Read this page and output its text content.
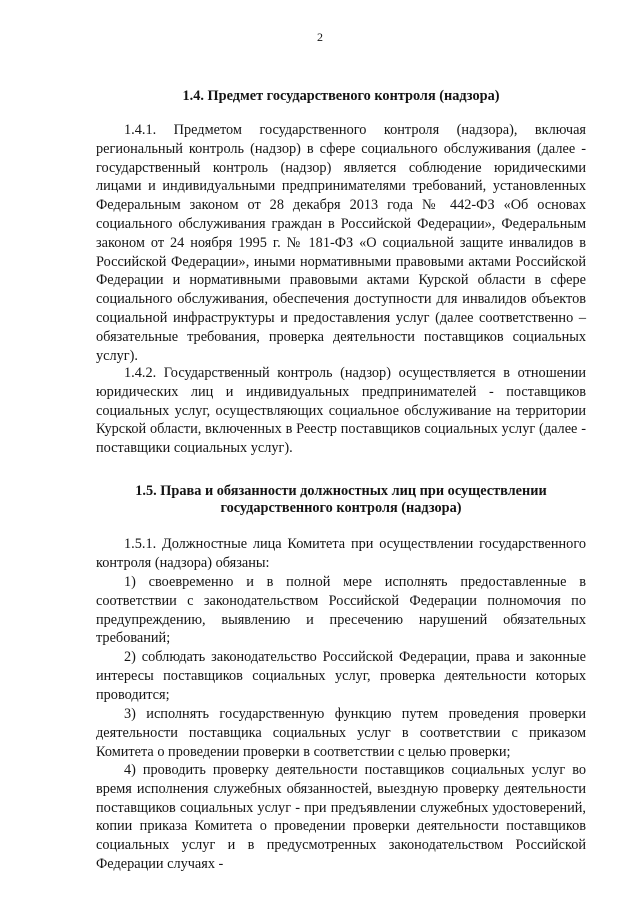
2
1.4. Предмет государственого контроля (надзора)

1.4.1. Предметом государственного контроля (надзора), включая региональный контроль (надзор) в сфере социального обслуживания (далее - государственный контроль (надзор) является соблюдение юридическими лицами и индивидуальными предпринимателями требований, установленных Федеральным законом от 28 декабря 2013 года № 442-ФЗ «Об основах социального обслуживания граждан в Российской Федерации», Федеральным законом от 24 ноября 1995 г. № 181-ФЗ «О социальной защите инвалидов в Российской Федерации», иными нормативными правовыми актами Российской Федерации и нормативными правовыми актами Курской области в сфере социального обслуживания, обеспечения доступности для инвалидов объектов социальной инфраструктуры и предоставления услуг (далее соответственно – обязательные требования, проверка деятельности поставщиков социальных услуг).

1.4.2. Государственный контроль (надзор) осуществляется в отношении юридических лиц и индивидуальных предпринимателей - поставщиков социальных услуг, осуществляющих социальное обслуживание на территории Курской области, включенных в Реестр поставщиков социальных услуг (далее - поставщики социальных услуг).

1.5. Права и обязанности должностных лиц при осуществлении
государственного контроля (надзора)

1.5.1. Должностные лица Комитета при осуществлении государственного контроля (надзора) обязаны:

1) своевременно и в полной мере исполнять предоставленные в соответствии с законодательством Российской Федерации полномочия по предупреждению, выявлению и пресечению нарушений обязательных требований;

2) соблюдать законодательство Российской Федерации, права и законные интересы поставщиков социальных услуг, проверка деятельности которых проводится;

3) исполнять государственную функцию путем проведения проверки деятельности поставщика социальных услуг в соответствии с приказом Комитета о проведении проверки в соответствии с целью проверки;

4) проводить проверку деятельности поставщиков социальных услуг во время исполнения служебных обязанностей, выездную проверку деятельности поставщиков социальных услуг - при предъявлении служебных удостоверений, копии приказа Комитета о проведении проверки деятельности поставщиков социальных услуг и в предусмотренных законодательством Российской Федерации случаях -
